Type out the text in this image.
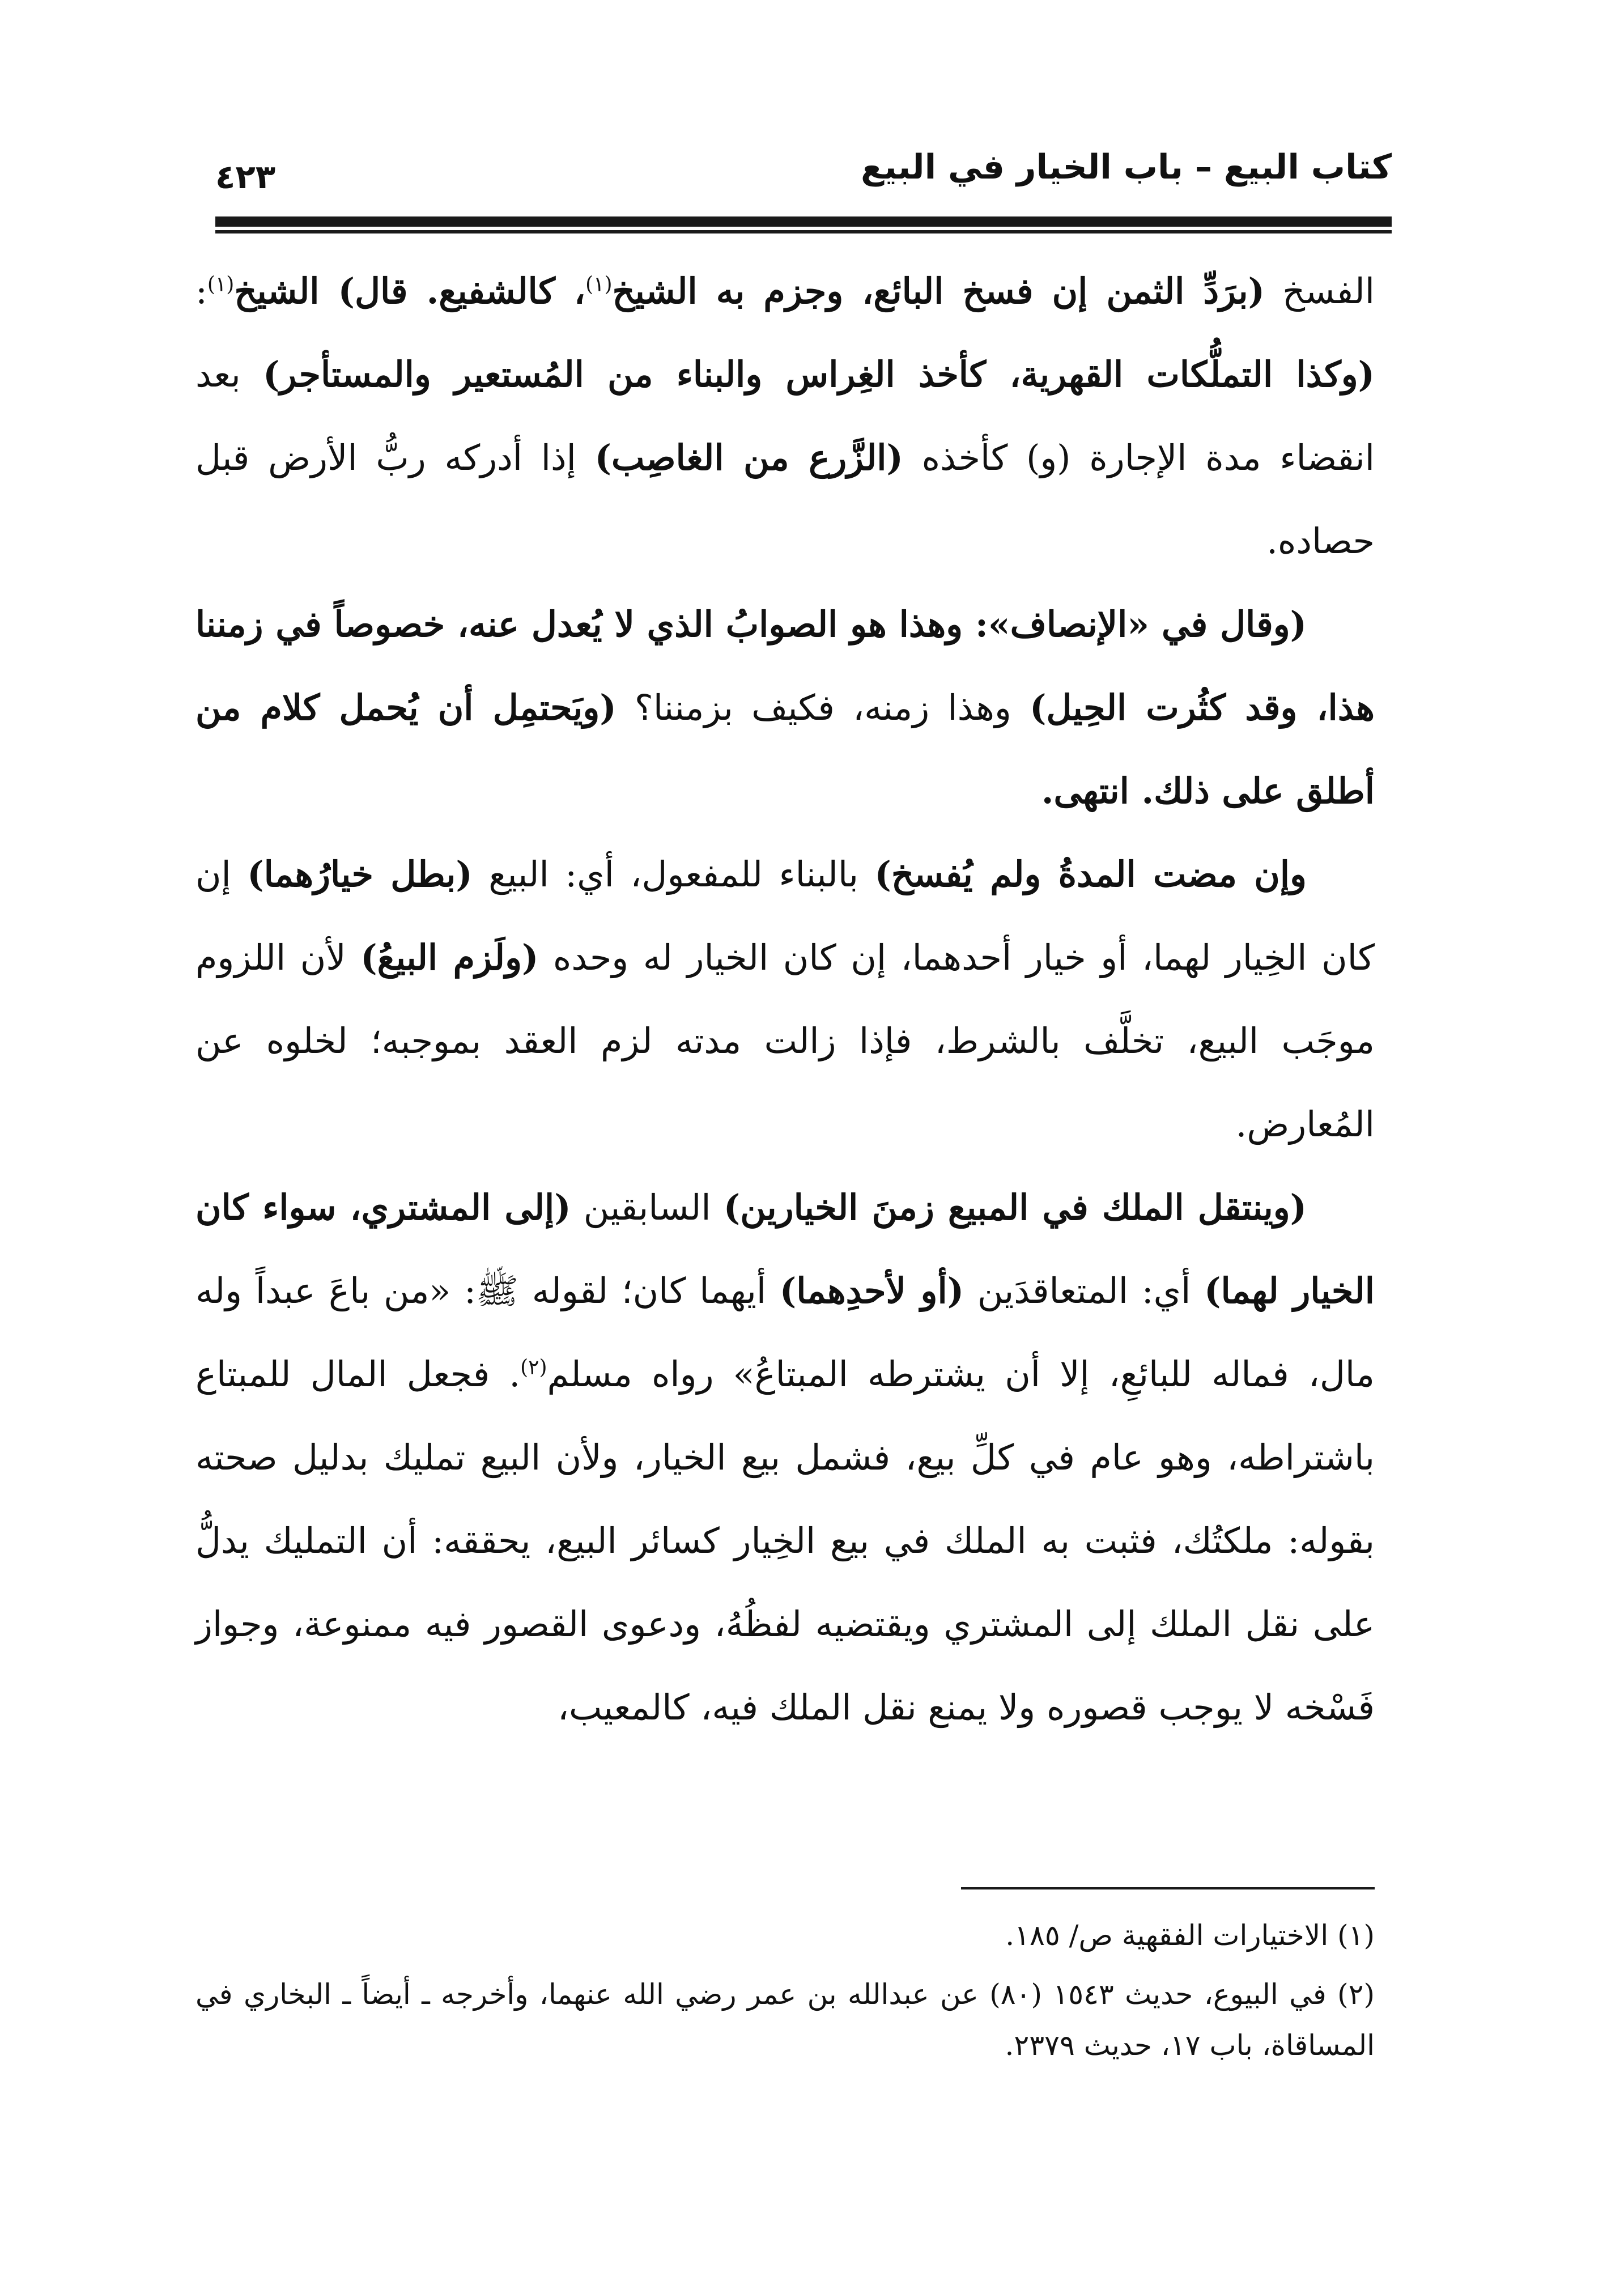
كتاب البيع – باب الخيار في البيع
٤٢٣

الفسخ (برَدِّ الثمن إن فسخ البائع، وجزم به الشيخ$^{(١)}$، كالشفيع. قال) الشيخ$^{(١)}$: (وكذا التملُّكات القهرية، كأخذ الغِراس والبناء من المُستعير والمستأجر) بعد انقضاء مدة الإجارة (و) كأخذه (الزَّرع من الغاصِب) إذا أدركه ربُّ الأرض قبل حصاده.

(وقال في «الإنصاف»: وهذا هو الصوابُ الذي لا يُعدل عنه، خصوصاً في زمننا هذا، وقد كثُرت الحِيل) وهذا زمنه، فكيف بزمننا؟ (ويَحتمِل أن يُحمل كلام من أطلق على ذلك. انتهى.

وإن مضت المدةُ ولم يُفسخ) بالبناء للمفعول، أي: البيع (بطل خيارُهما) إن كان الخِيار لهما، أو خيار أحدهما، إن كان الخيار له وحده (ولَزم البيعُ) لأن اللزوم موجَب البيع، تخلَّف بالشرط، فإذا زالت مدته لزم العقد بموجبه؛ لخلوه عن المُعارض.

(وينتقل الملك في المبيع زمنَ الخيارين) السابقين (إلى المشتري، سواء كان الخيار لهما) أي: المتعاقدَين (أو لأحدِهما) أيهما كان؛ لقوله ﷺ: «من باعَ عبداً وله مال، فماله للبائعِ، إلا أن يشترطه المبتاعُ» رواه مسلم$^{(٢)}$. فجعل المال للمبتاع باشتراطه، وهو عام في كلِّ بيع، فشمل بيع الخيار، ولأن البيع تمليك بدليل صحته بقوله: ملكتُك، فثبت به الملك في بيع الخِيار كسائر البيع، يحققه: أن التمليك يدلُّ على نقل الملك إلى المشتري ويقتضيه لفظُهُ، ودعوى القصور فيه ممنوعة، وجواز فَسْخه لا يوجب قصوره ولا يمنع نقل الملك فيه، كالمعيب،

(١) الاختيارات الفقهية ص/ ١٨٥.

(٢) في البيوع، حديث ١٥٤٣ (٨٠) عن عبدالله بن عمر رضي الله عنهما، وأخرجه ـ أيضاً ـ البخاري في المساقاة، باب ١٧، حديث ٢٣٧٩.
